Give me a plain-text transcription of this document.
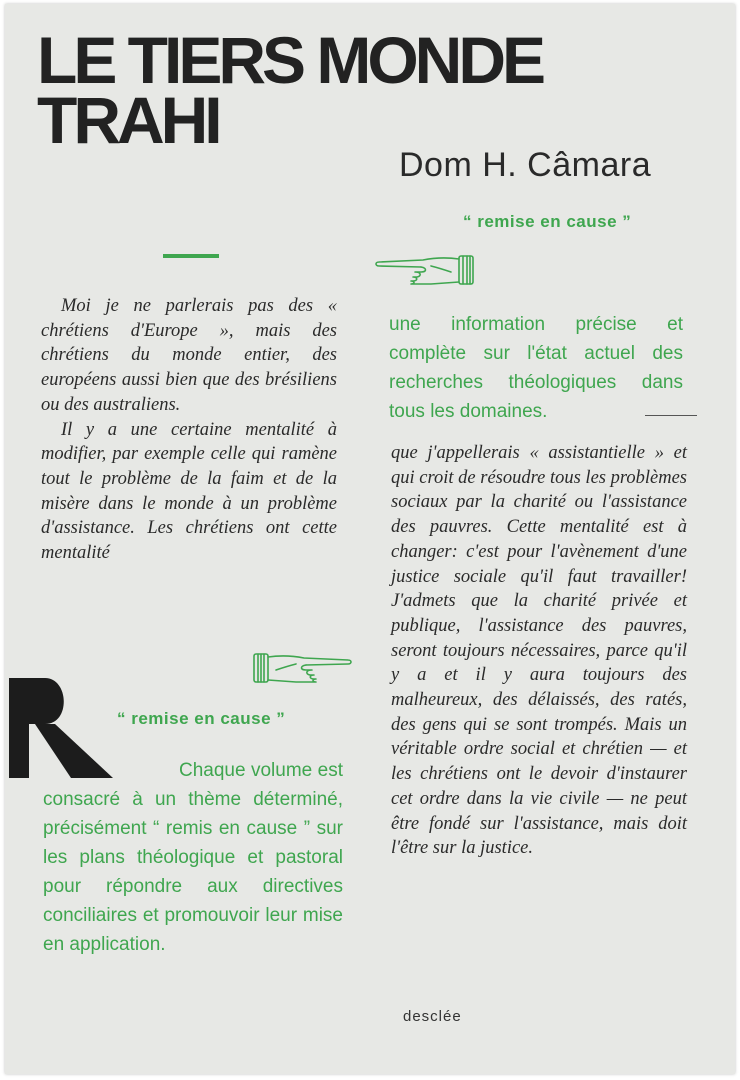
LE TIERS MONDE TRAHI
Dom H. Câmara
“ remise en cause ”

Moi je ne parlerais pas des « chrétiens d'Europe », mais des chrétiens du monde entier, des européens aussi bien que des brésiliens ou des australiens.

Il y a une certaine mentalité à modifier, par exemple celle qui ramène tout le problème de la faim et de la misère dans le monde à un problème d'assistance. Les chrétiens ont cette mentalité

une information précise et complète sur l'état actuel des recherches théologiques dans tous les domaines.

que j'appellerais « assistantielle » et qui croit de résoudre tous les problèmes sociaux par la charité ou l'assistance des pauvres. Cette mentalité est à changer: c'est pour l'avènement d'une justice sociale qu'il faut travailler! J'admets que la charité privée et publique, l'assistance des pauvres, seront toujours nécessaires, parce qu'il y a et il y aura toujours des malheureux, des délaissés, des ratés, des gens qui se sont trompés. Mais un véritable ordre social et chrétien — et les chrétiens ont le devoir d'instaurer cet ordre dans la vie civile — ne peut être fondé sur l'assistance, mais doit l'être sur la justice.

“ remise en cause ”

Chaque volume est consacré à un thème déterminé, précisément “ remis en cause ” sur les plans théologique et pastoral pour répondre aux directives conciliaires et promouvoir leur mise en application.

desclée
